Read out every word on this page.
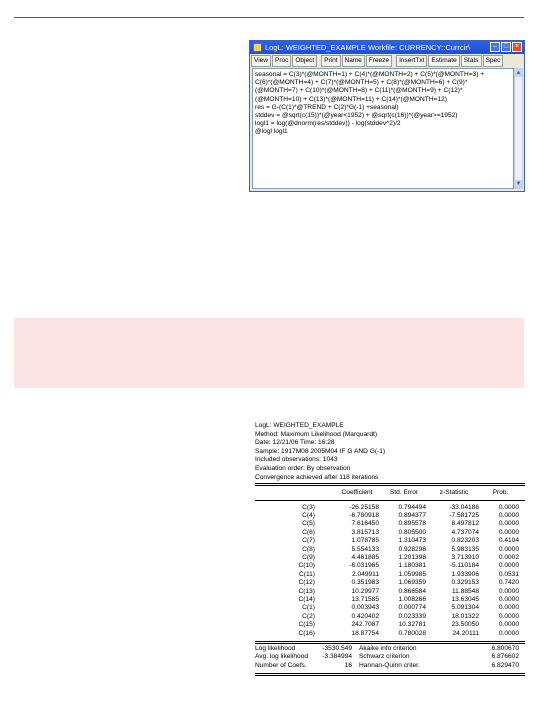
LogL: WEIGHTED_EXAMPLE Workfile: CURRENCY::Currcir\	– □ ×
View	Proc	Object	Print	Name	Freeze	InsertTxt	Estimate	Stats	Spec
seasonal = C(3)*(@MONTH=1) + C(4)*(@MONTH=2) + C(5)*(@MONTH=3) +
C(6)*(@MONTH=4) + C(7)*(@MONTH=5) + C(8)*(@MONTH=6) + C(9)*
(@MONTH=7) + C(10)*(@MONTH=8) + C(11)*(@MONTH=9) + C(12)*
(@MONTH=10) + C(13)*(@MONTH=11) + C(14)*(@MONTH=12)
res = G-(C(1)*@TREND + C(2)*G(-1) +seasonal)
stddev = @sqrt(c(15))*(@year<1952) + @sqrt(c(16))*(@year>=1952)
logl1 = log(@dnorm(res/stddev)) - log(stddev^2)/2
@logl logl1
▲
▼
LogL: WEIGHTED_EXAMPLE
Method: Maximum Likelihood (Marquardt)
Date: 12/21/06 Time: 16:28
Sample: 1917M08 2005M04 IF G AND G(-1)
Included observations: 1043
Evaluation order: By observation
Convergence achieved after 118 iterations
Coefficient	Std. Error	z-Statistic	Prob.
C(3)	-26.25158	0.794494	-33.04186	0.0000
C(4)	-6.780918	0.894377	-7.581725	0.0000
C(5)	7.616450	0.895578	8.497812	0.0000
C(6)	3.815713	0.805500	4.737074	0.0000
C(7)	1.078785	1.310473	0.823203	0.4104
C(8)	5.554133	0.928298	5.983135	0.0000
C(9)	4.461885	1.201398	3.713910	0.0002
C(10)	-6.031965	1.180381	-5.110184	0.0000
C(11)	2.049911	1.059985	1.933906	0.0531
C(12)	0.351983	1.069359	0.329153	0.7420
C(13)	10.29977	0.866584	11.88548	0.0000
C(14)	13.71585	1.008266	13.63045	0.0000
C(1)	0.003943	0.000774	5.091304	0.0000
C(2)	0.420402	0.023339	18.01322	0.0000
C(15)	242.7087	10.32781	23.50050	0.0000
C(16)	18.87754	0.780028	24.20111	0.0000
Log likelihood	-3530.549	Akaike info criterion	6.800670
Avg. log likelihood	-3.384994	Schwarz criterion	6.876602
Number of Coefs.	16	Hannan-Quinn criter.	6.829470
